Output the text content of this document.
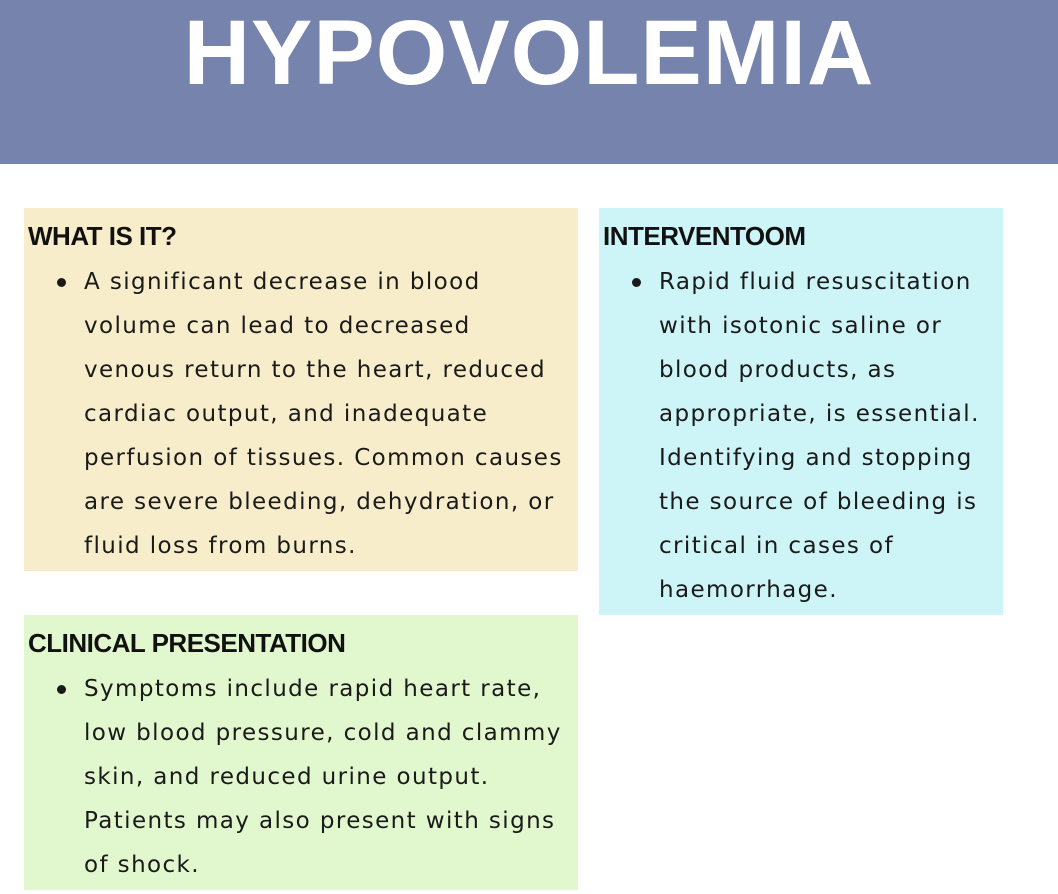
HYPOVOLEMIA
WHAT IS IT?
A significant decrease in blood volume can lead to decreased venous return to the heart, reduced cardiac output, and inadequate perfusion of tissues. Common causes are severe bleeding, dehydration, or fluid loss from burns.
INTERVENTOOM
Rapid fluid resuscitation with isotonic saline or blood products, as appropriate, is essential. Identifying and stopping the source of bleeding is critical in cases of haemorrhage.
CLINICAL PRESENTATION
Symptoms include rapid heart rate, low blood pressure, cold and clammy skin, and reduced urine output. Patients may also present with signs of shock.
